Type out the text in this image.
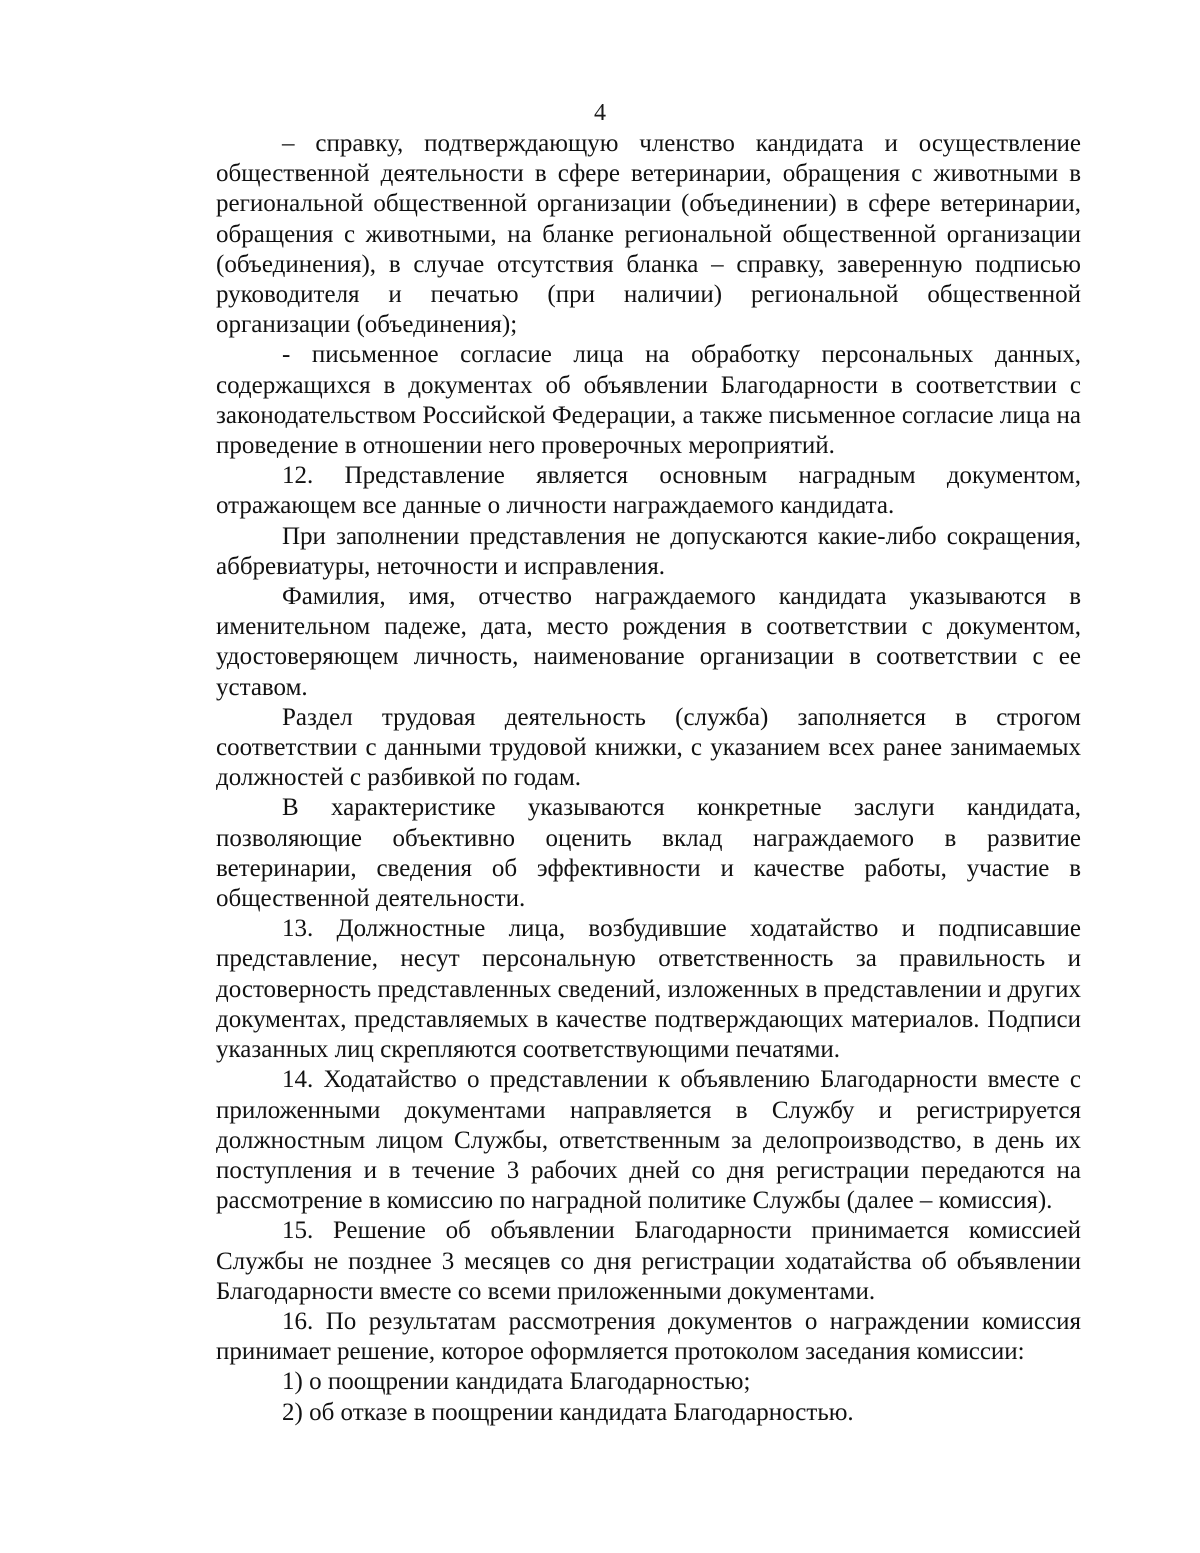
4

– справку, подтверждающую членство кандидата и осуществление общественной деятельности в сфере ветеринарии, обращения с животными в региональной общественной организации (объединении) в сфере ветеринарии, обращения с животными, на бланке региональной общественной организации (объединения), в случае отсутствия бланка – справку, заверенную подписью руководителя и печатью (при наличии) региональной общественной организации (объединения);

- письменное согласие лица на обработку персональных данных, содержащихся в документах об объявлении Благодарности в соответствии с законодательством Российской Федерации, а также письменное согласие лица на проведение в отношении него проверочных мероприятий.

12. Представление является основным наградным документом, отражающем все данные о личности награждаемого кандидата.

При заполнении представления не допускаются какие-либо сокращения, аббревиатуры, неточности и исправления.

Фамилия, имя, отчество награждаемого кандидата указываются в именительном падеже, дата, место рождения в соответствии с документом, удостоверяющем личность, наименование организации в соответствии с ее уставом.

Раздел трудовая деятельность (служба) заполняется в строгом соответствии с данными трудовой книжки, с указанием всех ранее занимаемых должностей с разбивкой по годам.

В характеристике указываются конкретные заслуги кандидата, позволяющие объективно оценить вклад награждаемого в развитие ветеринарии, сведения об эффективности и качестве работы, участие в общественной деятельности.

13. Должностные лица, возбудившие ходатайство и подписавшие представление, несут персональную ответственность за правильность и достоверность представленных сведений, изложенных в представлении и других документах, представляемых в качестве подтверждающих материалов. Подписи указанных лиц скрепляются соответствующими печатями.

14. Ходатайство о представлении к объявлению Благодарности вместе с приложенными документами направляется в Службу и регистрируется должностным лицом Службы, ответственным за делопроизводство, в день их поступления и в течение 3 рабочих дней со дня регистрации передаются на рассмотрение в комиссию по наградной политике Службы (далее – комиссия).

15. Решение об объявлении Благодарности принимается комиссией Службы не позднее 3 месяцев со дня регистрации ходатайства об объявлении Благодарности вместе со всеми приложенными документами.

16. По результатам рассмотрения документов о награждении комиссия принимает решение, которое оформляется протоколом заседания комиссии:

1) о поощрении кандидата Благодарностью;

2) об отказе в поощрении кандидата Благодарностью.
